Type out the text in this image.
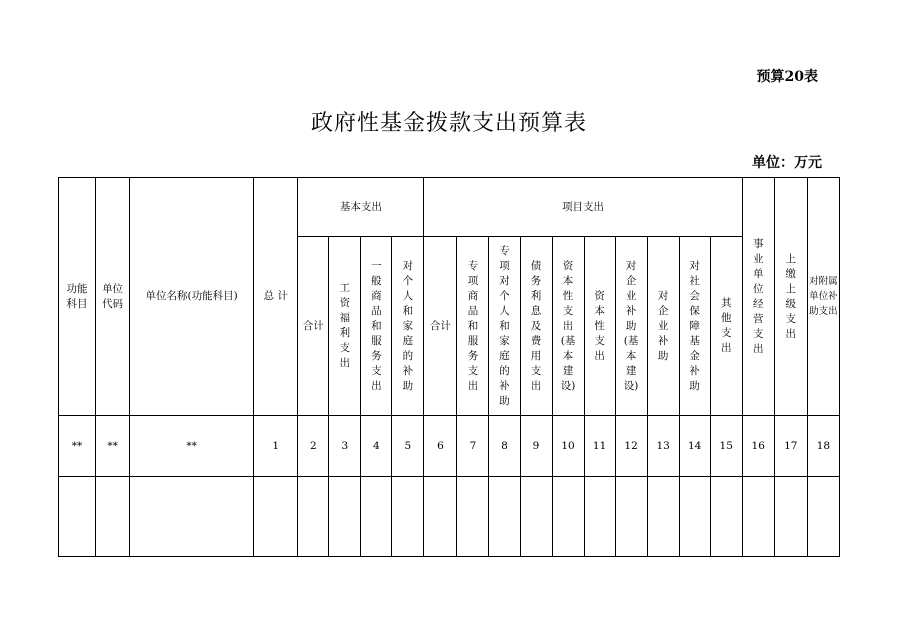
预算20表
政府性基金拨款支出预算表
单位：万元
功能科目	单位代码	单位名称(功能科目)	总 计	基本支出				项目支出										事业单位经营支出	上缴上级支出	对附属单位补助支出
				合计	工资福利支出	一般商品和服务支出	对个人和家庭的补助	合计	专项商品和服务支出	专项对个人和家庭的补助	债务利息及费用支出	资本性支出(基本建设)	资本性支出	对企业补助(基本建设)	对企业补助	对社会保障基金补助	其他支出			
**	**	**	1	2	3	4	5	6	7	8	9	10	11	12	13	14	15	16	17	18
